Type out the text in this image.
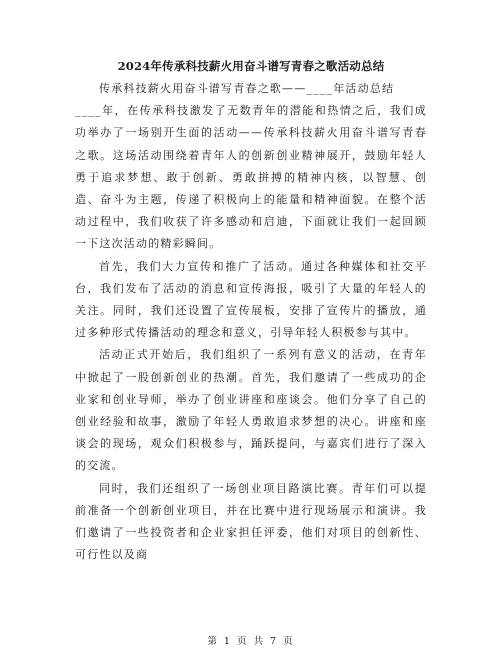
2024年传承科技薪火用奋斗谱写青春之歌活动总结

传承科技薪火用奋斗谱写青春之歌——____年活动总结

____年，在传承科技激发了无数青年的潜能和热情之后，我们成功举办了一场别开生面的活动——传承科技薪火用奋斗谱写青春之歌。这场活动围绕着青年人的创新创业精神展开，鼓励年轻人勇于追求梦想、敢于创新、勇敢拼搏的精神内核，以智慧、创造、奋斗为主题，传递了积极向上的能量和精神面貌。在整个活动过程中，我们收获了许多感动和启迪，下面就让我们一起回顾一下这次活动的精彩瞬间。

首先，我们大力宣传和推广了活动。通过各种媒体和社交平台，我们发布了活动的消息和宣传海报，吸引了大量的年轻人的关注。同时，我们还设置了宣传展板，安排了宣传片的播放，通过多种形式传播活动的理念和意义，引导年轻人积极参与其中。

活动正式开始后，我们组织了一系列有意义的活动，在青年中掀起了一股创新创业的热潮。首先，我们邀请了一些成功的企业家和创业导师，举办了创业讲座和座谈会。他们分享了自己的创业经验和故事，激励了年轻人勇敢追求梦想的决心。讲座和座谈会的现场，观众们积极参与，踊跃提问，与嘉宾们进行了深入的交流。

同时，我们还组织了一场创业项目路演比赛。青年们可以提前准备一个创新创业项目，并在比赛中进行现场展示和演讲。我们邀请了一些投资者和企业家担任评委，他们对项目的创新性、可行性以及商

第 1 页 共 7 页
